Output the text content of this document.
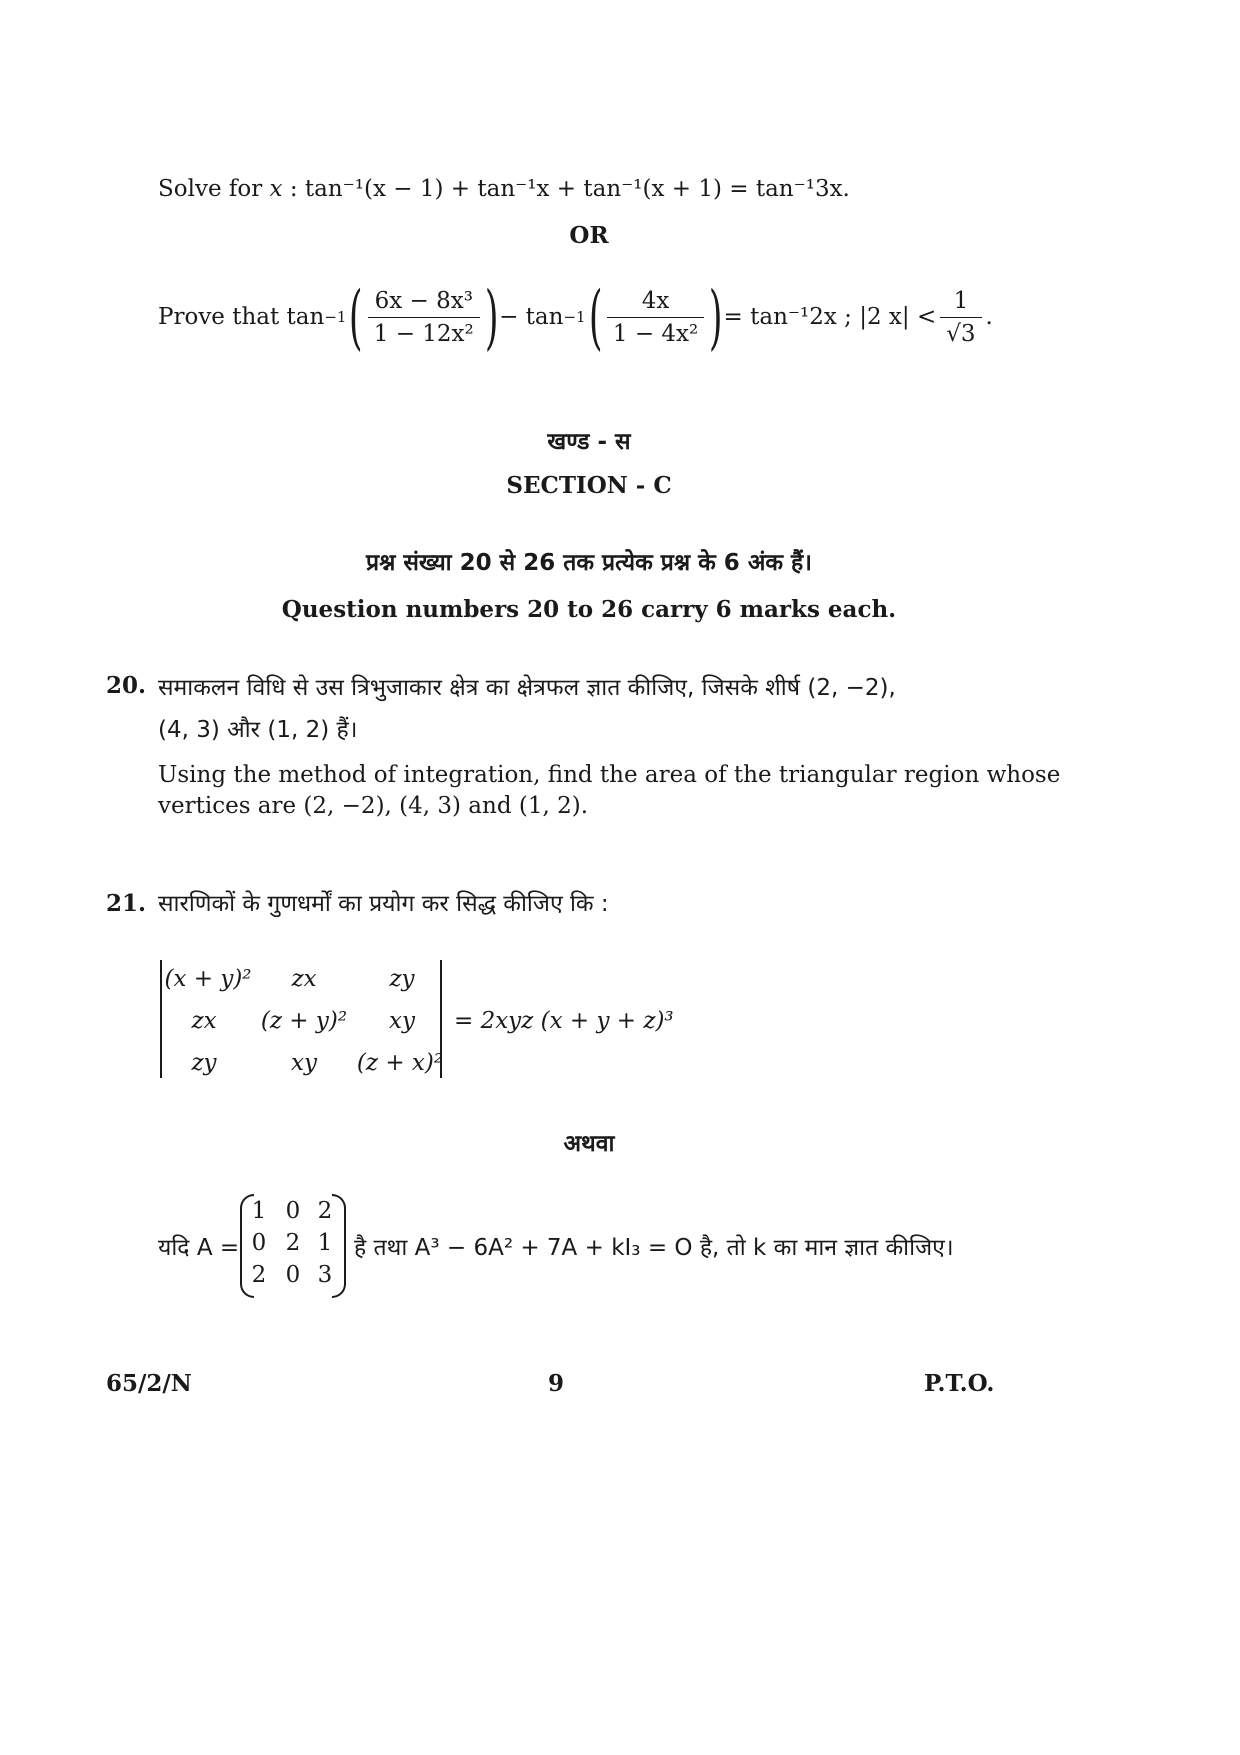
Solve for x : tan⁻¹(x − 1) + tan⁻¹x + tan⁻¹(x + 1) = tan⁻¹3x.
OR
Prove that tan −1 ( $\frac{\text{6x − 8x³}}{\text{1 − 12x²}}$ ) − tan −1 ( $\frac{4x}{\text{1 − 4x²}}$ ) = tan⁻¹2x ; |2 $x| < \frac{1}{√3}$ .
खण्ड - स
SECTION - C
प्रश्न संख्या 20 से 26 तक प्रत्येक प्रश्न के 6 अंक हैं।
Question numbers 20 to 26 carry 6 marks each.
20. समाकलन विधि से उस त्रिभुजाकार क्षेत्र का क्षेत्रफल ज्ञात कीजिए, जिसके शीर्ष (2, −2),
(4, 3) और (1, 2) हैं।
Using the method of integration, find the area of the triangular region whose
vertices are (2, −2), (4, 3) and (1, 2).
21. सारणिकों के गुणधर्मों का प्रयोग कर सिद्ध कीजिए कि :
(x + y)²	zx	zy
zx	(z + y)²	xy
zy	xy	(z + x)²
= 2xyz (x + y + z)³
अथवा
यदि A =
1 0 2
0 2 1
2 0 3
है तथा A³ − 6A² + 7A + kI₃ = O है, तो k का मान ज्ञात कीजिए।
65/2/N	9	P.T.O.
